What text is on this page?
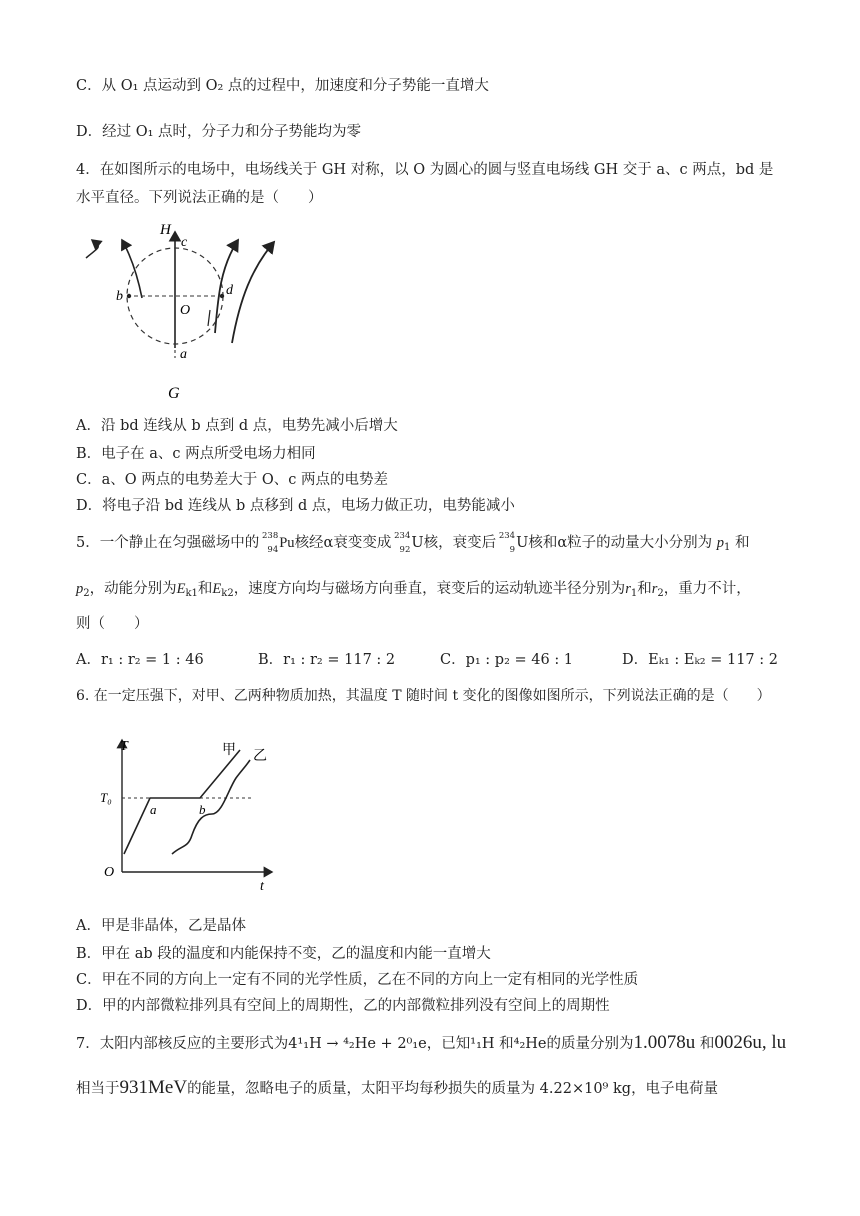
C．从 O₁ 点运动到 O₂ 点的过程中，加速度和分子势能一直增大
D．经过 O₁ 点时，分子力和分子势能均为零
4．在如图所示的电场中，电场线关于 GH 对称，以 O 为圆心的圆与竖直电场线 GH 交于 a、c 两点，bd 是
水平直径。下列说法正确的是（　　）
H
c
b	d
O
a
G
A．沿 bd 连线从 b 点到 d 点，电势先减小后增大
B．电子在 a、c 两点所受电场力相同
C．a、O 两点的电势差大于 O、c 两点的电势差
D．将电子沿 bd 连线从 b 点移到 d 点，电场力做正功，电势能减小
5．一个静止在匀强磁场中的 238
94 Pu核经α衰变变成 234
92 U核，衰变后 234
9 U核和α粒子的动量大小分别为 $p_1$ 和
$p_2$，动能分别为$E_{k1}$和$E_{k2}$，速度方向均与磁场方向垂直，衰变后的运动轨迹半径分别为$r_1$和$r_2$，重力不计，
则（　　）
A．r₁ : r₂ = 1 : 46	B．r₁ : r₂ = 117 : 2	C．p₁ : p₂ = 46 : 1	D．Eₖ₁ : Eₖ₂ = 117 : 2
6. 在一定压强下，对甲、乙两种物质加热，其温度 T 随时间 t 变化的图像如图所示，下列说法正确的是（　　）
T
t
O
T₀
a	b
甲 乙
A．甲是非晶体，乙是晶体
B．甲在 ab 段的温度和内能保持不变，乙的温度和内能一直增大
C．甲在不同的方向上一定有不同的光学性质，乙在不同的方向上一定有相同的光学性质
D．甲的内部微粒排列具有空间上的周期性，乙的内部微粒排列没有空间上的周期性
7．太阳内部核反应的主要形式为4¹₁H → ⁴₂He + 2⁰₁e，已知¹₁H 和⁴₂He的质量分别为1.0078u 和0026u, lu
相当于931MeV的能量，忽略电子的质量，太阳平均每秒损失的质量为 4.22×10⁹ kg，电子电荷量
